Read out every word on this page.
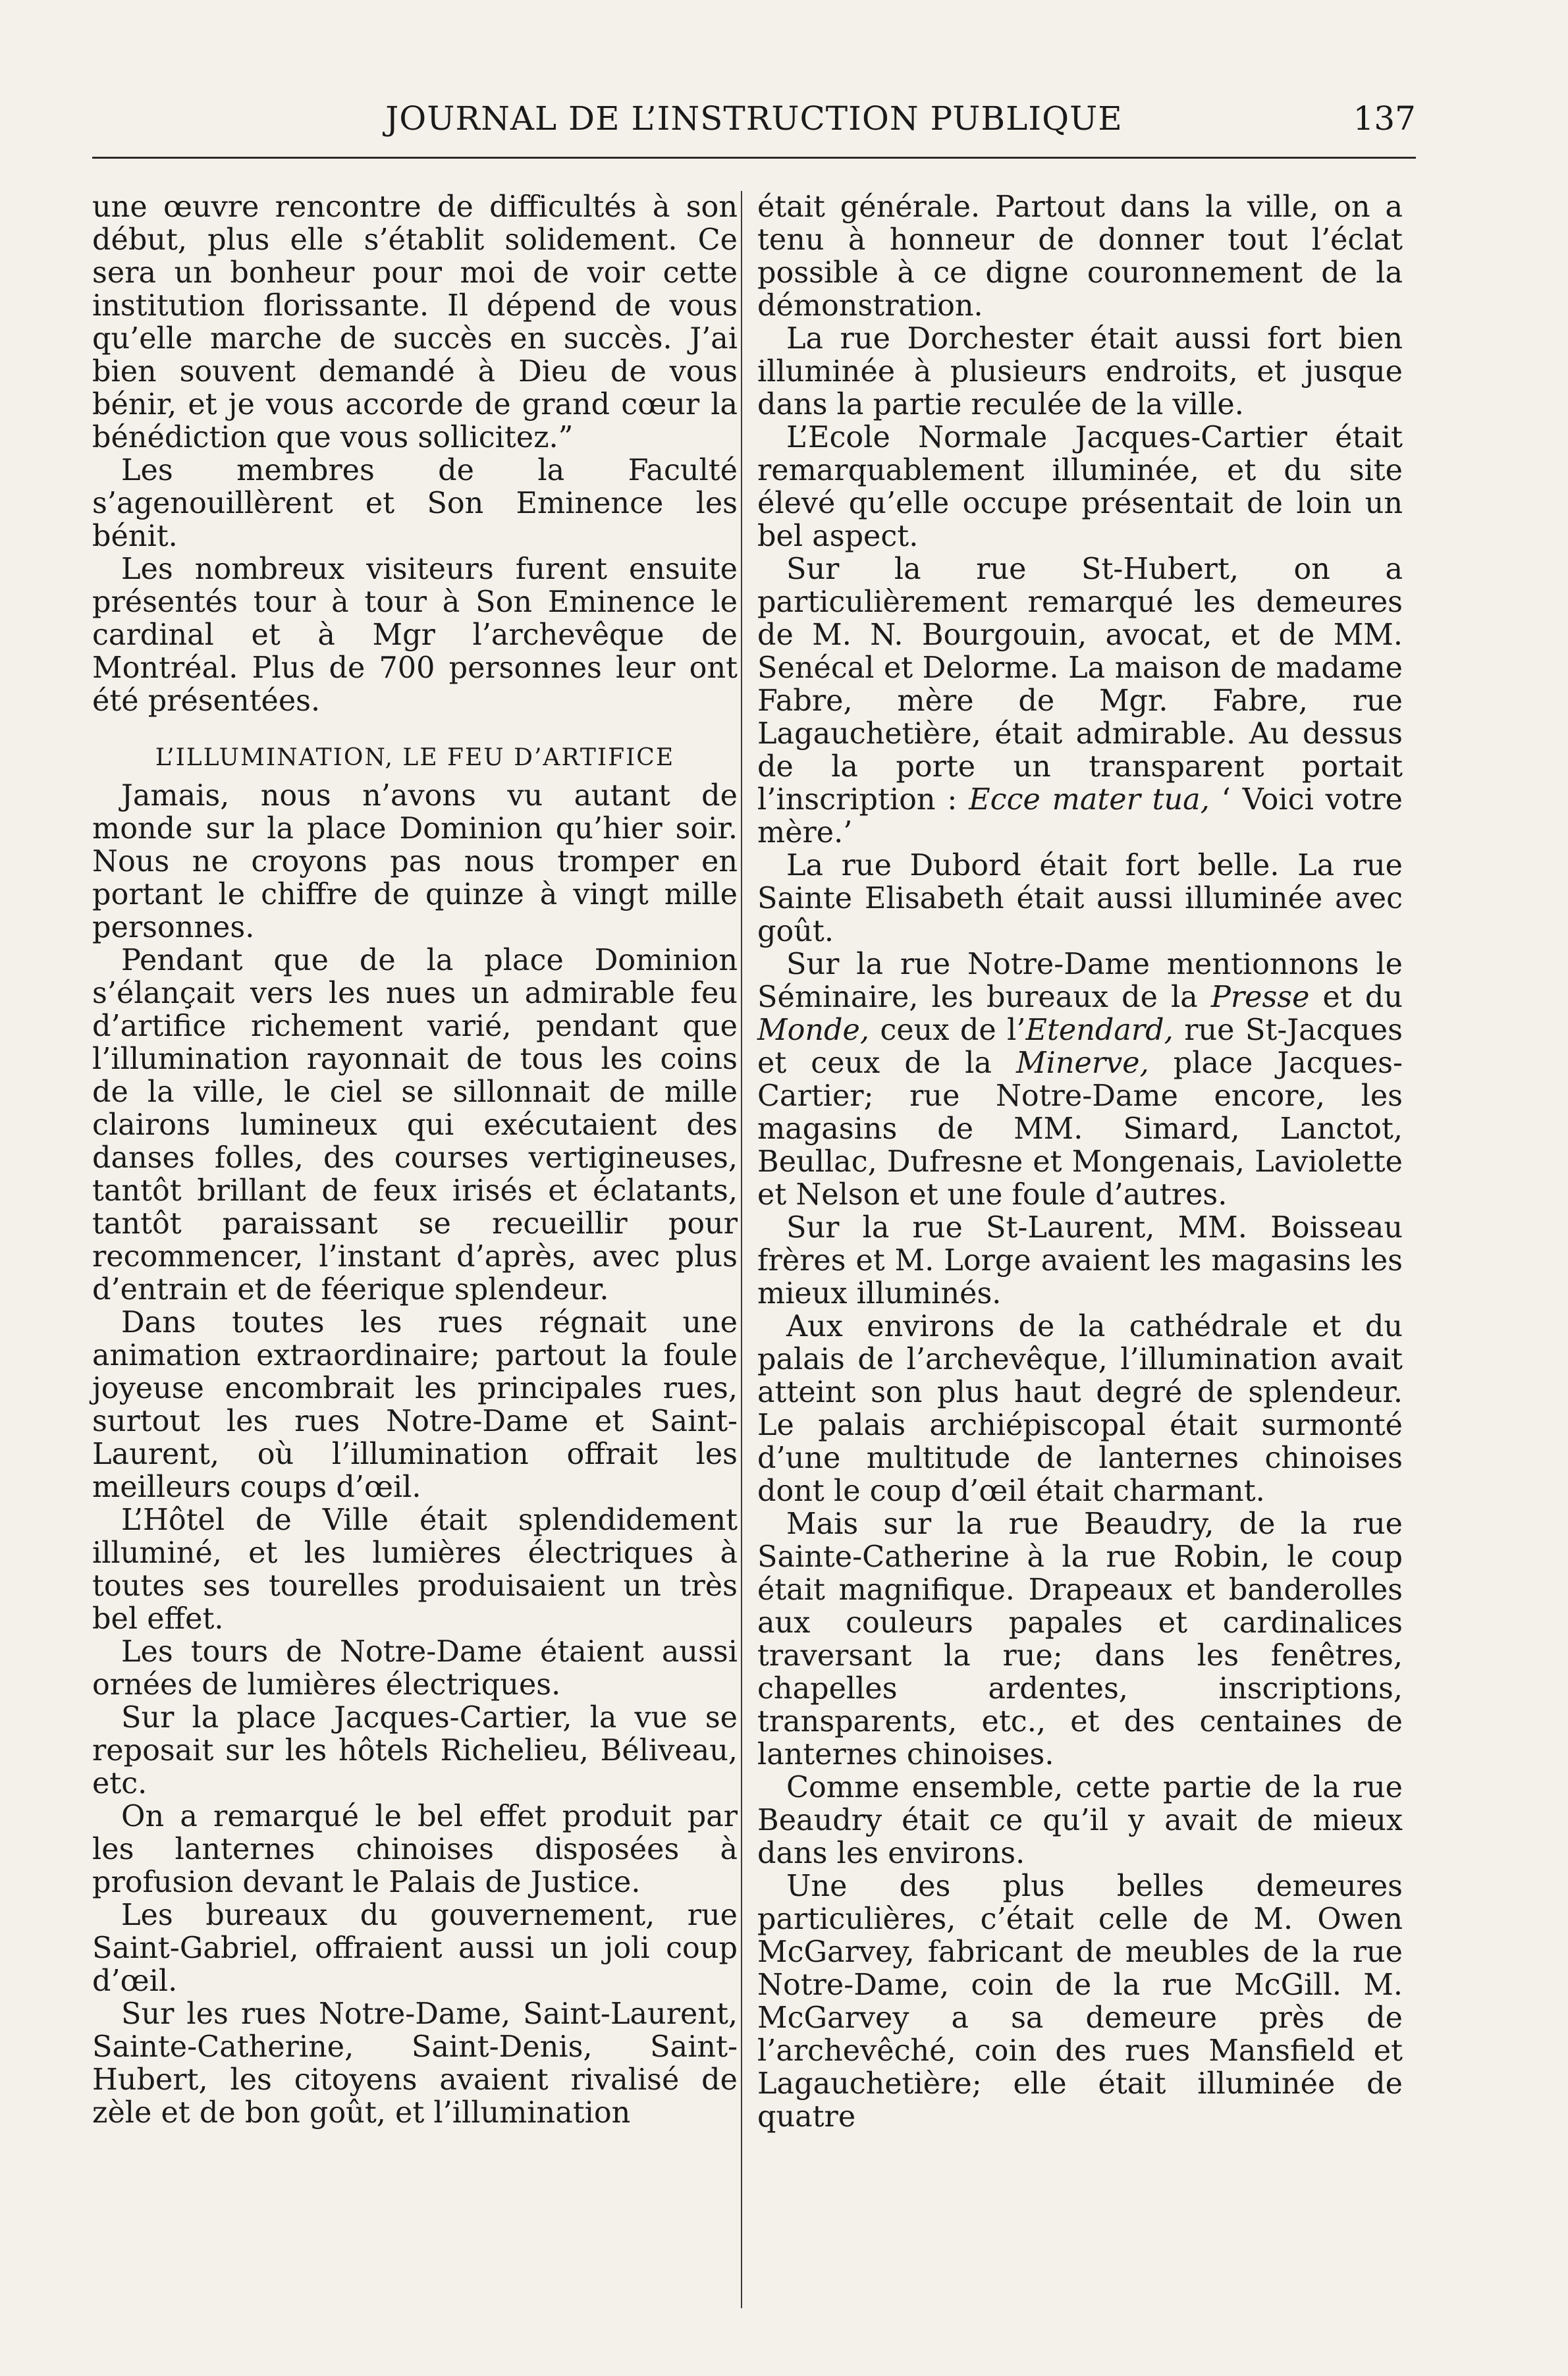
JOURNAL DE L’INSTRUCTION PUBLIQUE	137

une œuvre rencontre de difficultés à son début, plus elle s’établit solidement. Ce sera un bonheur pour moi de voir cette institution florissante. Il dépend de vous qu’elle marche de succès en succès. J’ai bien souvent demandé à Dieu de vous bénir, et je vous accorde de grand cœur la bénédiction que vous sollicitez.”

Les membres de la Faculté s’agenouillèrent et Son Eminence les bénit.

Les nombreux visiteurs furent ensuite présentés tour à tour à Son Eminence le cardinal et à Mgr l’archevêque de Montréal. Plus de 700 personnes leur ont été présentées.

L’ILLUMINATION, LE FEU D’ARTIFICE

Jamais, nous n’avons vu autant de monde sur la place Dominion qu’hier soir. Nous ne croyons pas nous tromper en portant le chiffre de quinze à vingt mille personnes.

Pendant que de la place Dominion s’élançait vers les nues un admirable feu d’artifice richement varié, pendant que l’illumination rayonnait de tous les coins de la ville, le ciel se sillonnait de mille clairons lumineux qui exécutaient des danses folles, des courses vertigineuses, tantôt brillant de feux irisés et éclatants, tantôt paraissant se recueillir pour recommencer, l’instant d’après, avec plus d’entrain et de féerique splendeur.

Dans toutes les rues régnait une animation extraordinaire; partout la foule joyeuse encombrait les principales rues, surtout les rues Notre-Dame et Saint-Laurent, où l’illumination offrait les meilleurs coups d’œil.

L’Hôtel de Ville était splendidement illuminé, et les lumières électriques à toutes ses tourelles produisaient un très bel effet.

Les tours de Notre-Dame étaient aussi ornées de lumières électriques.

Sur la place Jacques-Cartier, la vue se reposait sur les hôtels Richelieu, Béliveau, etc.

On a remarqué le bel effet produit par les lanternes chinoises disposées à profusion devant le Palais de Justice.

Les bureaux du gouvernement, rue Saint-Gabriel, offraient aussi un joli coup d’œil.

Sur les rues Notre-Dame, Saint-Laurent, Sainte-Catherine, Saint-Denis, Saint-Hubert, les citoyens avaient rivalisé de zèle et de bon goût, et l’illumination

était générale. Partout dans la ville, on a tenu à honneur de donner tout l’éclat possible à ce digne couronnement de la démonstration.

La rue Dorchester était aussi fort bien illuminée à plusieurs endroits, et jusque dans la partie reculée de la ville.

L’Ecole Normale Jacques-Cartier était remarquablement illuminée, et du site élevé qu’elle occupe présentait de loin un bel aspect.

Sur la rue St-Hubert, on a particulièrement remarqué les demeures de M. N. Bourgouin, avocat, et de MM. Senécal et Delorme. La maison de madame Fabre, mère de Mgr. Fabre, rue Lagauchetière, était admirable. Au dessus de la porte un transparent portait l’inscription : Ecce mater tua, ‘ Voici votre mère.’

La rue Dubord était fort belle. La rue Sainte Elisabeth était aussi illuminée avec goût.

Sur la rue Notre-Dame mentionnons le Séminaire, les bureaux de la Presse et du Monde, ceux de l’Etendard, rue St-Jacques et ceux de la Minerve, place Jacques-Cartier; rue Notre-Dame encore, les magasins de MM. Simard, Lanctot, Beullac, Dufresne et Mongenais, Laviolette et Nelson et une foule d’autres.

Sur la rue St-Laurent, MM. Boisseau frères et M. Lorge avaient les magasins les mieux illuminés.

Aux environs de la cathédrale et du palais de l’archevêque, l’illumination avait atteint son plus haut degré de splendeur. Le palais archiépiscopal était surmonté d’une multitude de lanternes chinoises dont le coup d’œil était charmant.

Mais sur la rue Beaudry, de la rue Sainte-Catherine à la rue Robin, le coup était magnifique. Drapeaux et banderolles aux couleurs papales et cardinalices traversant la rue; dans les fenêtres, chapelles ardentes, inscriptions, transparents, etc., et des centaines de lanternes chinoises.

Comme ensemble, cette partie de la rue Beaudry était ce qu’il y avait de mieux dans les environs.

Une des plus belles demeures particulières, c’était celle de M. Owen McGarvey, fabricant de meubles de la rue Notre-Dame, coin de la rue McGill. M. McGarvey a sa demeure près de l’archevêché, coin des rues Mansfield et Lagauchetière; elle était illuminée de quatre
